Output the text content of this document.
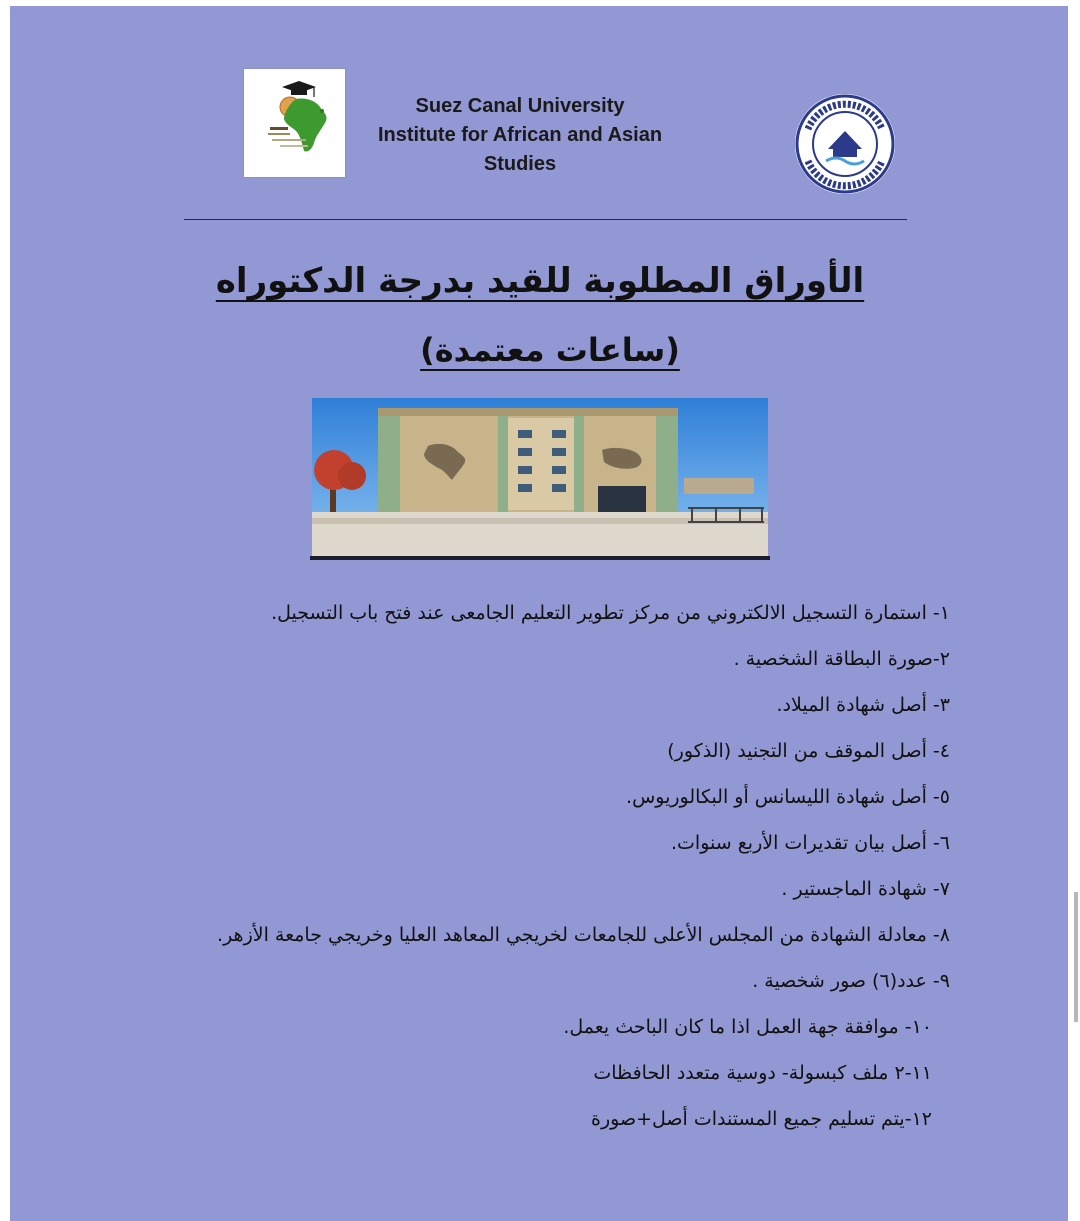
Suez Canal University
Institute for African and Asian
Studies
الأوراق المطلوبة للقيد بدرجة الدكتوراه
(ساعات معتمدة)
١- استمارة التسجيل الالكتروني من مركز تطوير التعليم الجامعى عند فتح باب التسجيل.
٢-صورة البطاقة الشخصية .
٣- أصل شهادة الميلاد.
٤- أصل الموقف من التجنيد (الذكور)
٥- أصل شهادة الليسانس أو البكالوريوس.
٦- أصل بيان تقديرات الأربع سنوات.
٧- شهادة الماجستير .
٨- معادلة الشهادة من المجلس الأعلى للجامعات لخريجي المعاهد العليا وخريجي جامعة الأزهر.
٩- عدد(٦) صور شخصية .
١٠- موافقة جهة العمل اذا ما كان الباحث يعمل.
١١-٢ ملف كبسولة- دوسية متعدد الحافظات
١٢-يتم تسليم جميع المستندات أصل+صورة
